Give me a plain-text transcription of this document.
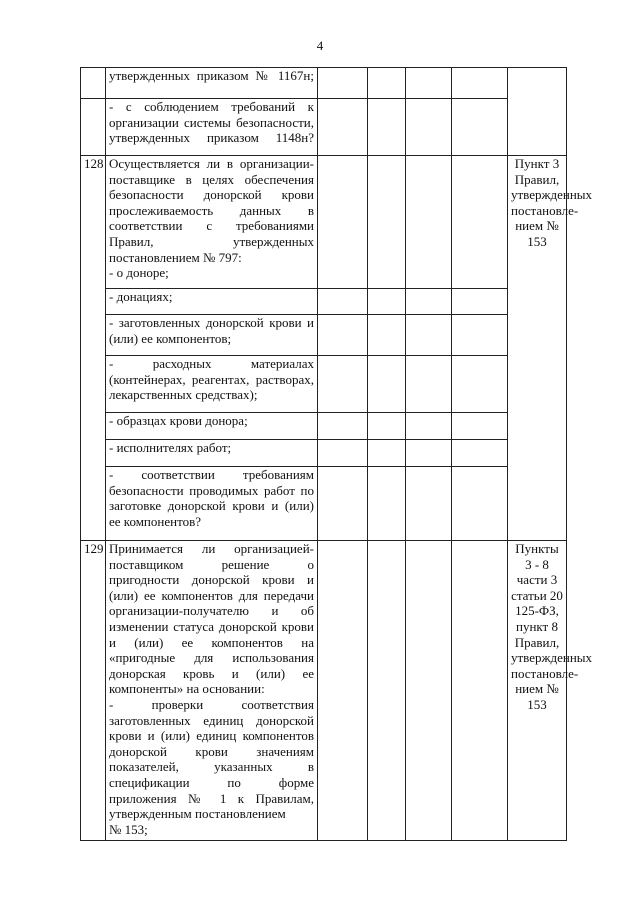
4

	утвержденных приказом № 1167н;					

	- с соблюдением требований к организации системы безопасности, утвержденных приказом 1148н?					

128	Осуществляется ли в организации-поставщике в целях обеспечения безопасности донорской крови прослеживаемость данных в соответствии с требованиями Правил, утвержденных постановлением № 797:
- о доноре;					Пункт 3 Правил, утвержденных постановле-нием № 153

	- донациях;					

	- заготовленных донорской крови и (или) ее компонентов;					

	- расходных материалах (контейнерах, реагентах, растворах, лекарственных средствах);					

	- образцах крови донора;					

	- исполнителях работ;					

	- соответствии требованиям безопасности проводимых работ по заготовке донорской крови и (или) ее компонентов?					

129	Принимается ли организацией-поставщиком решение о пригодности донорской крови и (или) ее компонентов для передачи организации-получателю и об изменении статуса донорской крови и (или) ее компонентов на «пригодные для использования донорская кровь и (или) ее компоненты» на основании:
- проверки соответствия заготовленных единиц донорской крови и (или) единиц компонентов донорской крови значениям показателей, указанных в спецификации по форме приложения № 1 к Правилам, утвержденным постановлением
№ 153;					Пункты 3 - 8 части 3 статьи 20 125-ФЗ, пункт 8 Правил, утвержденных постановле-нием № 153
